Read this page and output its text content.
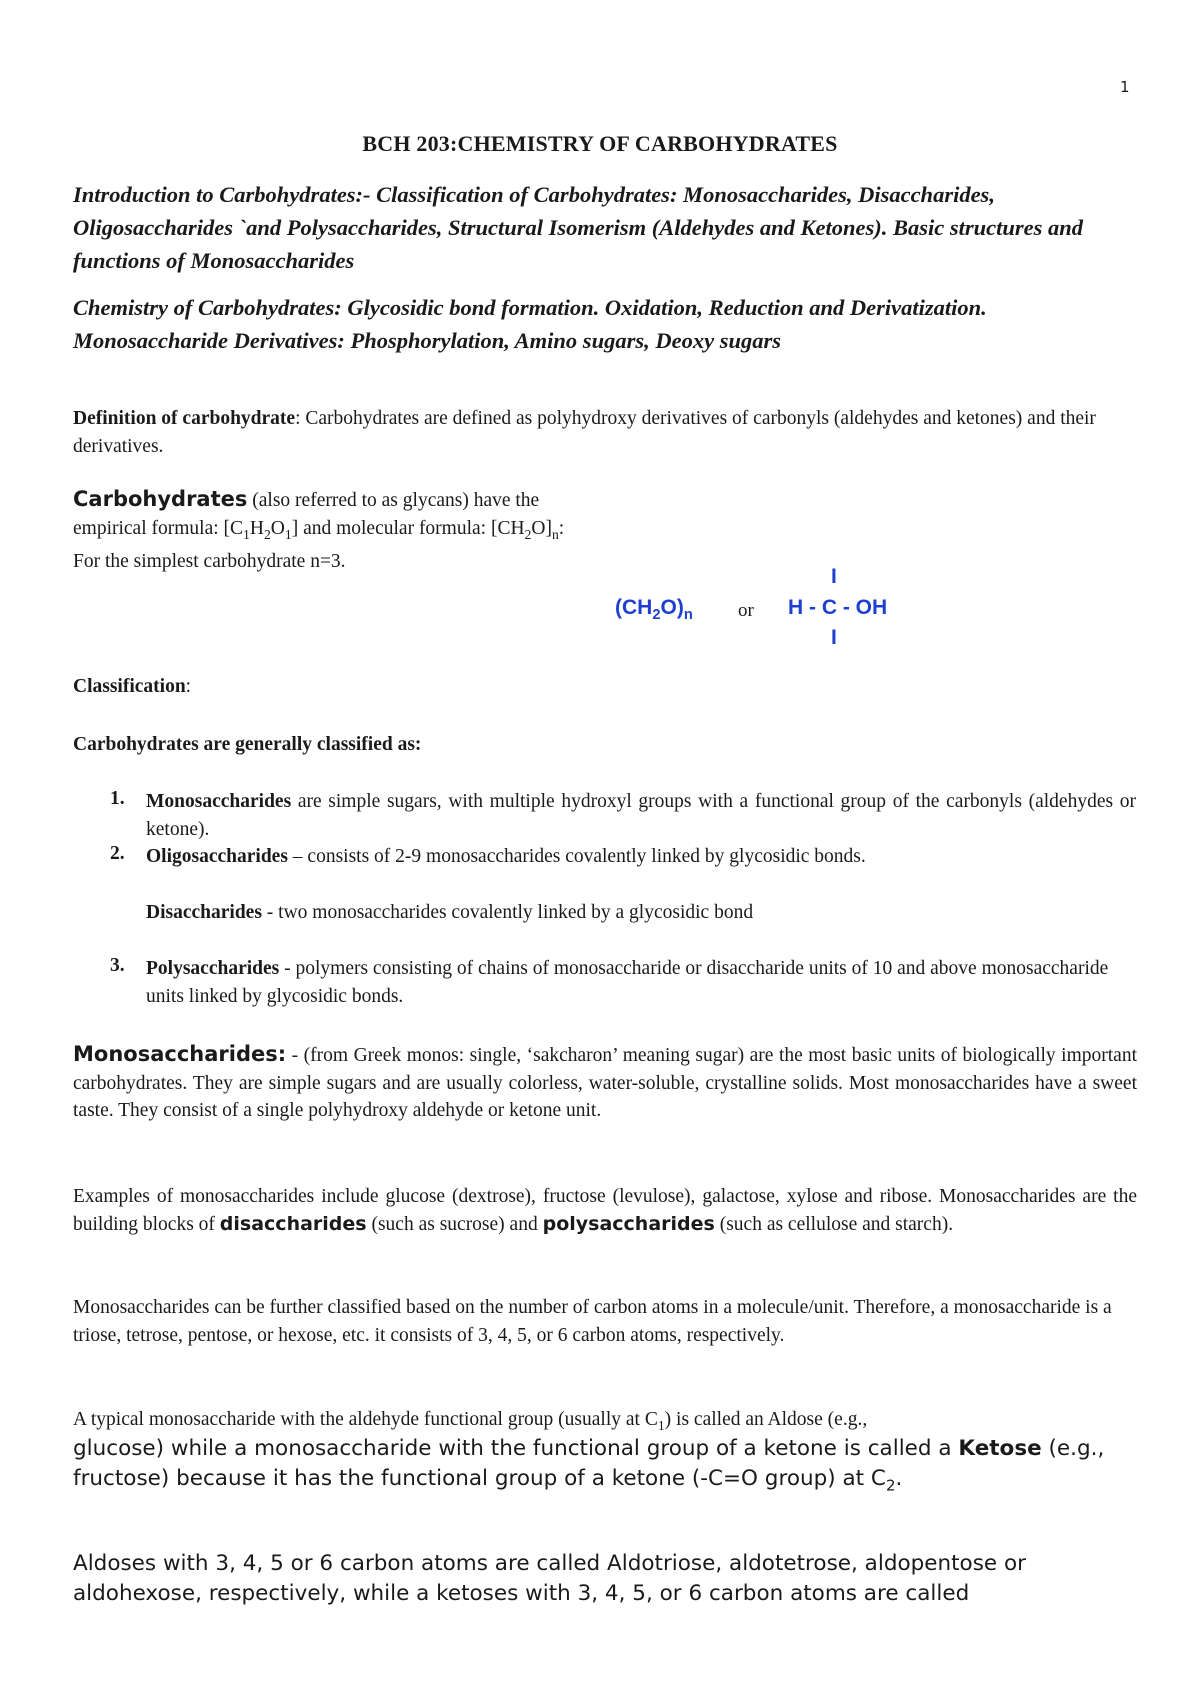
1
BCH 203:CHEMISTRY OF CARBOHYDRATES

Introduction to Carbohydrates:- Classification of Carbohydrates: Monosaccharides, Disaccharides, Oligosaccharides `and Polysaccharides, Structural Isomerism (Aldehydes and Ketones). Basic structures and functions of Monosaccharides

Chemistry of Carbohydrates: Glycosidic bond formation. Oxidation, Reduction and Derivatization. Monosaccharide Derivatives: Phosphorylation, Amino sugars, Deoxy sugars

Definition of carbohydrate: Carbohydrates are defined as polyhydroxy derivatives of carbonyls (aldehydes and ketones) and their derivatives.

Carbohydrates (also referred to as glycans) have the empirical formula: $[C_1H_2O_1]$ and molecular formula: $[CH_2O]_n$: For the simplest carbohydrate n=3.

$(CH_2O)_n$ or
I
H - C - OH
I

Classification:

Carbohydrates are generally classified as:

1. Monosaccharides are simple sugars, with multiple hydroxyl groups with a functional group of the carbonyls (aldehydes or ketone).

2. Oligosaccharides – consists of 2-9 monosaccharides covalently linked by glycosidic bonds.

Disaccharides - two monosaccharides covalently linked by a glycosidic bond

3. Polysaccharides - polymers consisting of chains of monosaccharide or disaccharide units of 10 and above monosaccharide units linked by glycosidic bonds.

Monosaccharides: - (from Greek monos: single, ‘sakcharon’ meaning sugar) are the most basic units of biologically important carbohydrates. They are simple sugars and are usually colorless, water-soluble, crystalline solids. Most monosaccharides have a sweet taste. They consist of a single polyhydroxy aldehyde or ketone unit.

Examples of monosaccharides include glucose (dextrose), fructose (levulose), galactose, xylose and ribose. Monosaccharides are the building blocks of disaccharides (such as sucrose) and polysaccharides (such as cellulose and starch).

Monosaccharides can be further classified based on the number of carbon atoms in a molecule/unit. Therefore, a monosaccharide is a triose, tetrose, pentose, or hexose, etc. it consists of 3, 4, 5, or 6 carbon atoms, respectively.

A typical monosaccharide with the aldehyde functional group (usually at $C_1$) is called an Aldose (e.g.,

glucose) while a monosaccharide with the functional group of a ketone is called a Ketose (e.g., fructose) because it has the functional group of a ketone (-C=O group) at $C_2$.

Aldoses with 3, 4, 5 or 6 carbon atoms are called Aldotriose, aldotetrose, aldopentose or aldohexose, respectively, while a ketoses with 3, 4, 5, or 6 carbon atoms are called
